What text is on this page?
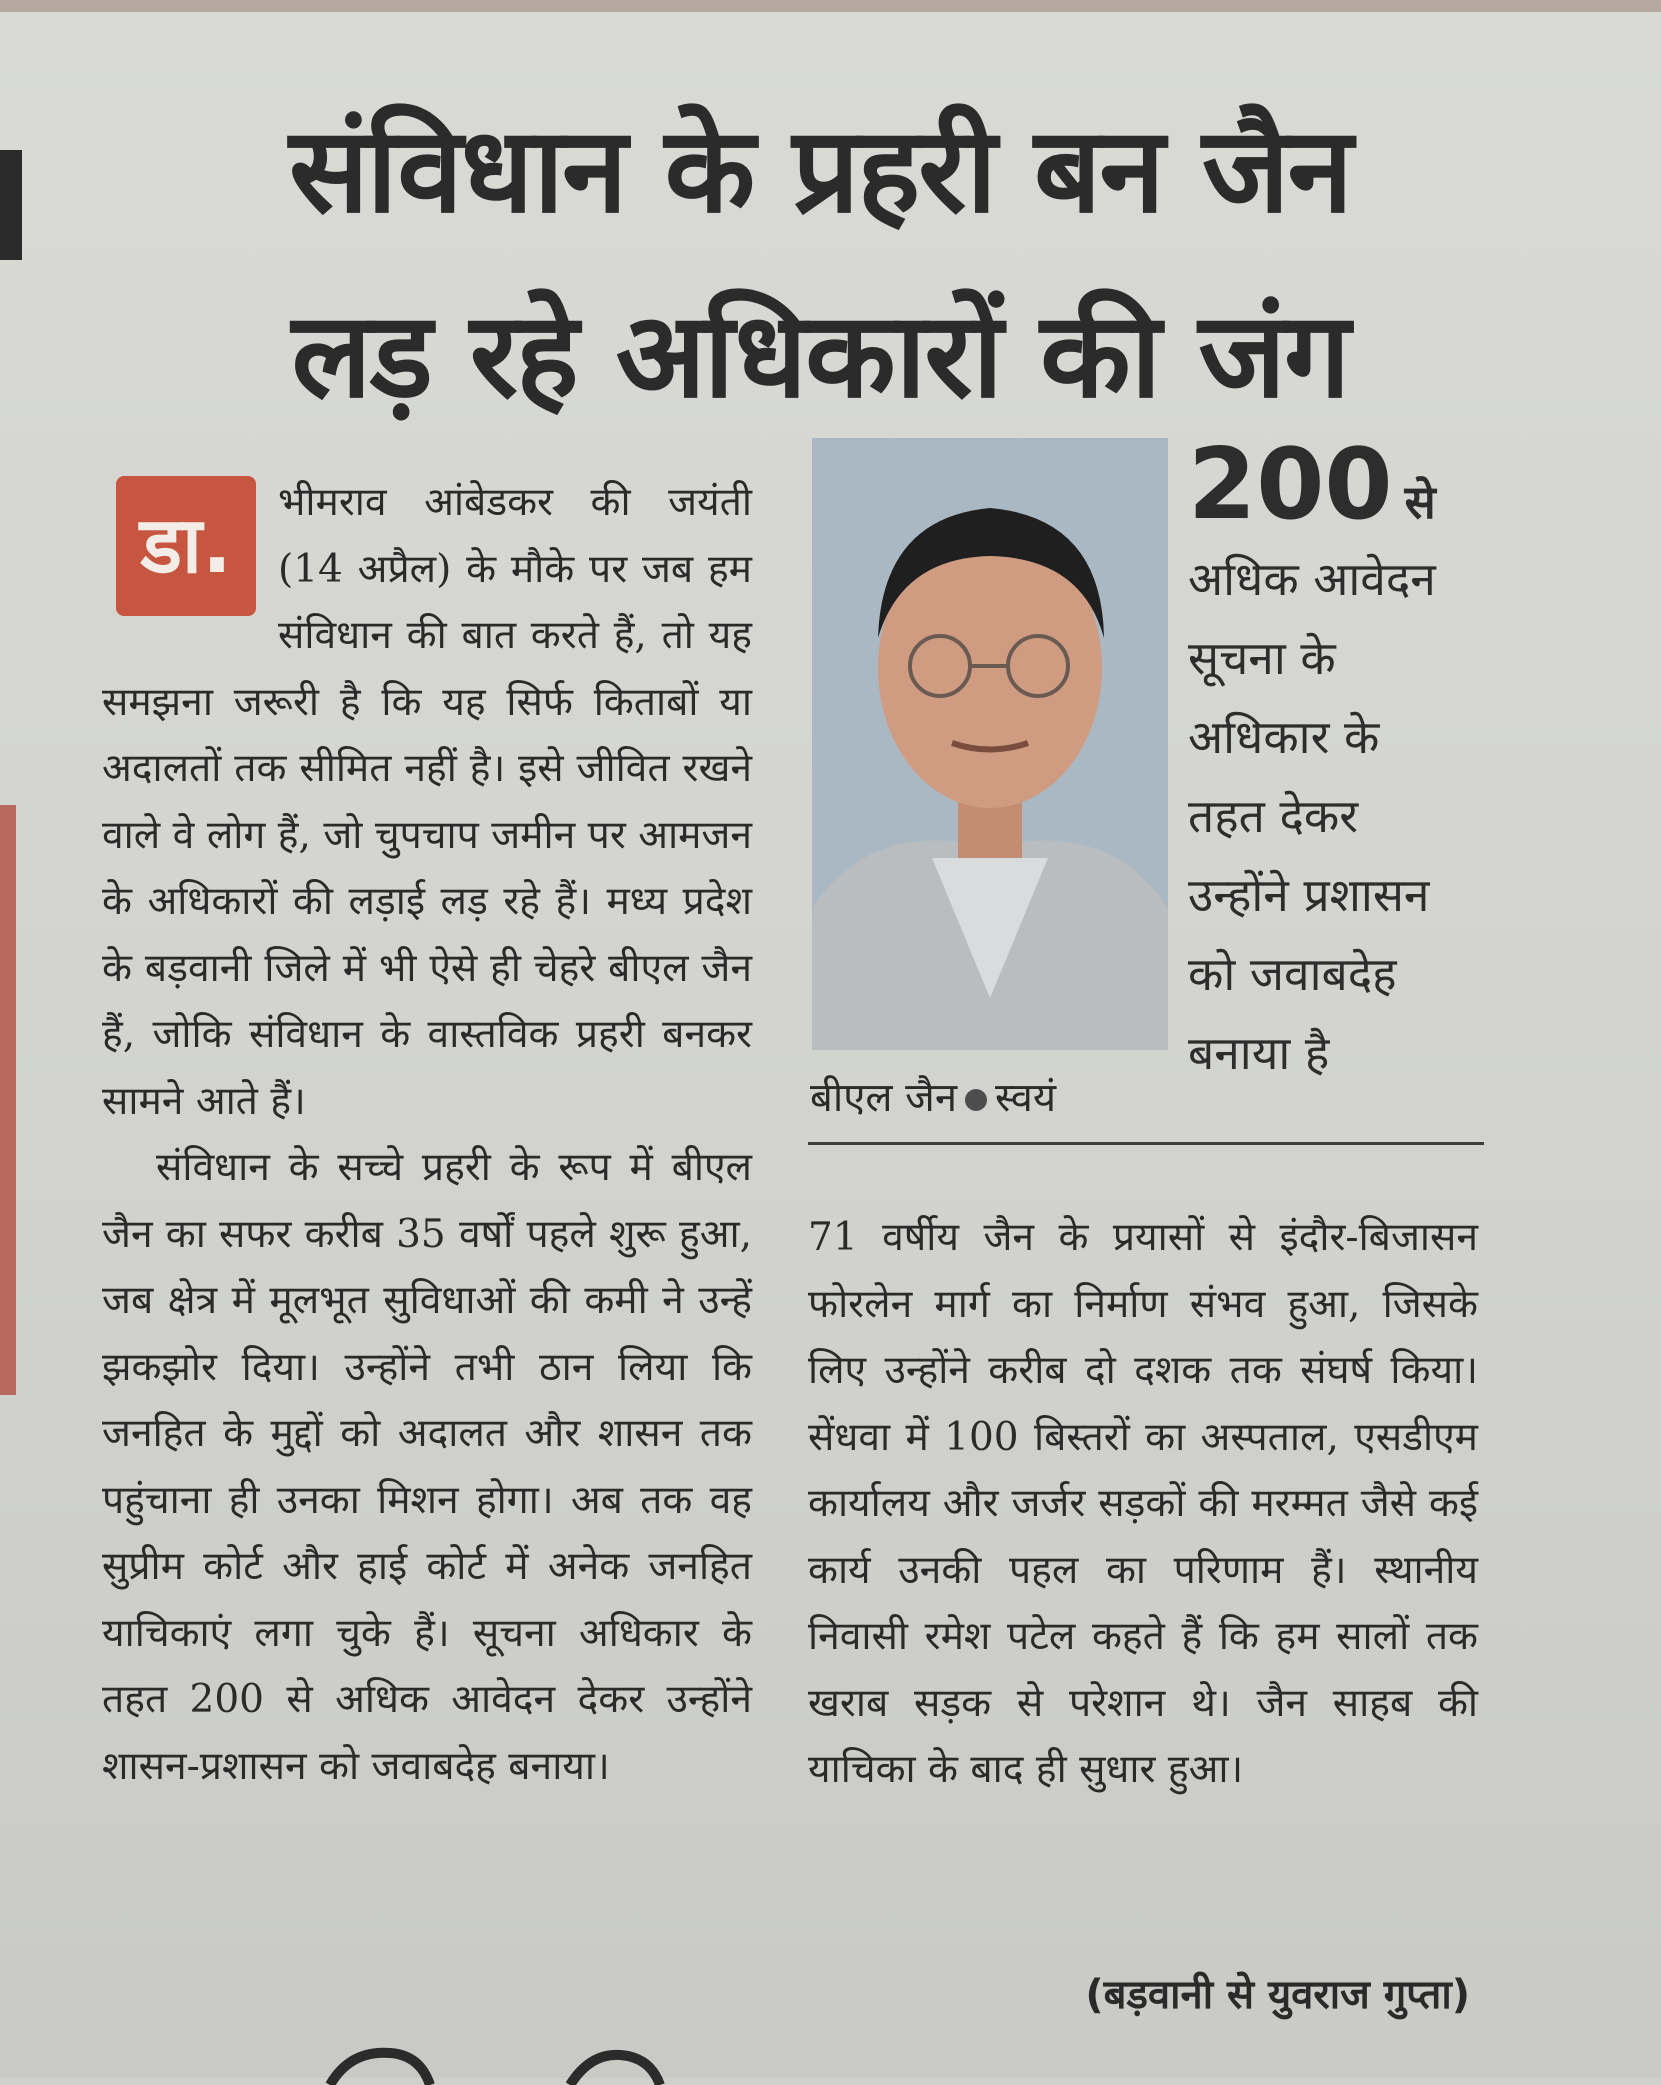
संविधान के प्रहरी बन जैन
लड़ रहे अधिकारों की जंग
डा.	भीमराव आंबेडकर की जयंती (14 अप्रैल) के मौके पर जब हम संविधान की बात करते हैं, तो यह समझना जरूरी है कि यह सिर्फ किताबों या अदालतों तक सीमित नहीं है। इसे जीवित रखने वाले वे लोग हैं, जो चुपचाप जमीन पर आमजन के अधिकारों की लड़ाई लड़ रहे हैं। मध्य प्रदेश के बड़वानी जिले में भी ऐसे ही चेहरे बीएल जैन हैं, जोकि संविधान के वास्तविक प्रहरी बनकर सामने आते हैं।
संविधान के सच्चे प्रहरी के रूप में बीएल जैन का सफर करीब 35 वर्षों पहले शुरू हुआ, जब क्षेत्र में मूलभूत सुविधाओं की कमी ने उन्हें झकझोर दिया। उन्होंने तभी ठान लिया कि जनहित के मुद्दों को अदालत और शासन तक पहुंचाना ही उनका मिशन होगा। अब तक वह सुप्रीम कोर्ट और हाई कोर्ट में अनेक जनहित याचिकाएं लगा चुके हैं। सूचना अधिकार के तहत 200 से अधिक आवेदन देकर उन्होंने शासन-प्रशासन को जवाबदेह बनाया।
बीएल जैन स्वयं
200 से
अधिक आवेदन
सूचना के
अधिकार के
तहत देकर
उन्होंने प्रशासन
को जवाबदेह
बनाया है
71 वर्षीय जैन के प्रयासों से इंदौर-बिजासन फोरलेन मार्ग का निर्माण संभव हुआ, जिसके लिए उन्होंने करीब दो दशक तक संघर्ष किया। सेंधवा में 100 बिस्तरों का अस्पताल, एसडीएम कार्यालय और जर्जर सड़कों की मरम्मत जैसे कई कार्य उनकी पहल का परिणाम हैं। स्थानीय निवासी रमेश पटेल कहते हैं कि हम सालों तक खराब सड़क से परेशान थे। जैन साहब की याचिका के बाद ही सुधार हुआ।
(बड़वानी से युवराज गुप्ता)
